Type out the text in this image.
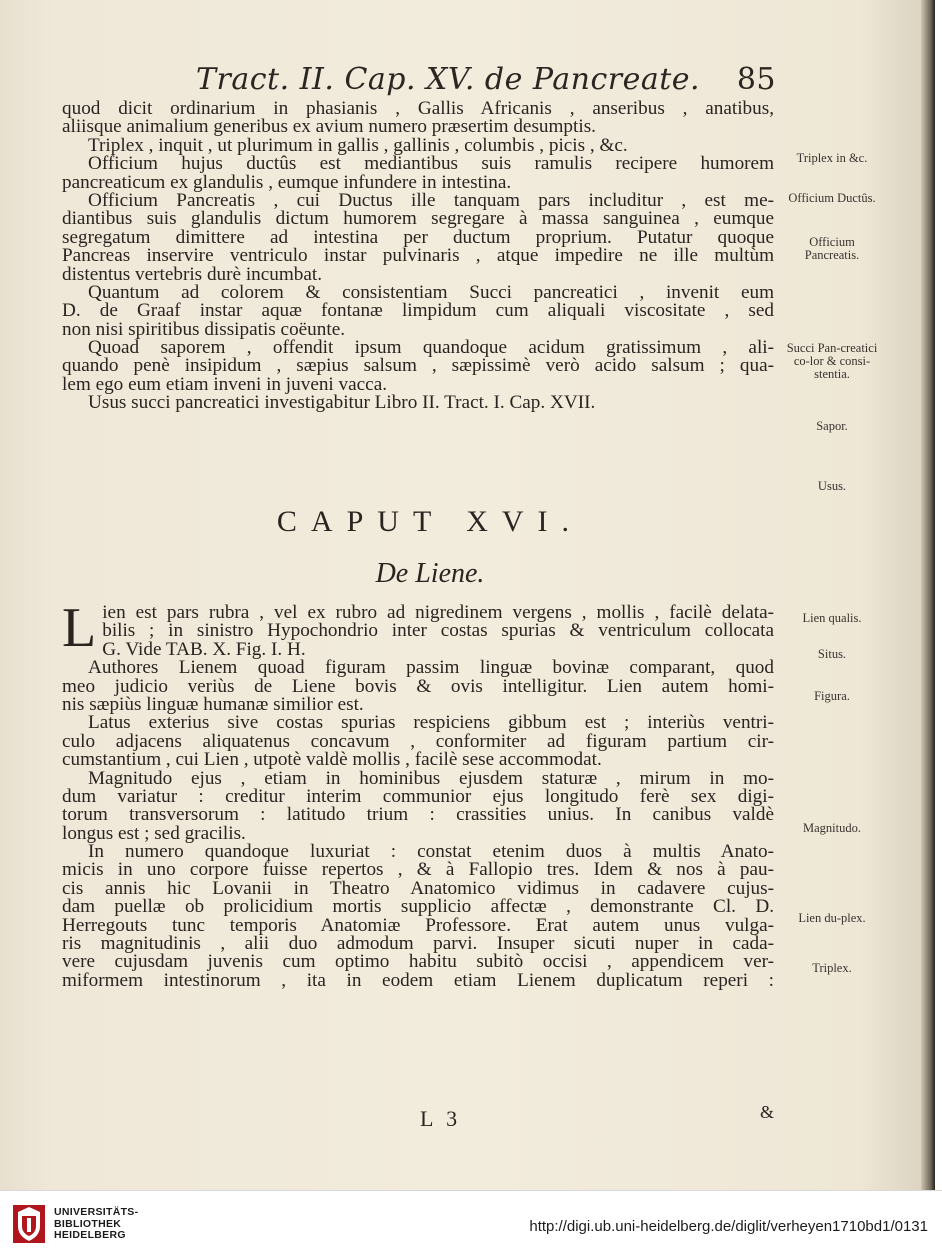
Tract. II. Cap. XV. de Pancreate. 85
quod dicit ordinarium in phasianis , Gallis Africanis , anseribus , anatibus,
aliisque animalium generibus ex avium numero præsertim desumptis.
Triplex , inquit , ut plurimum in gallis , gallinis , columbis , picis , &c.
Officium hujus ductûs est mediantibus suis ramulis recipere humorem
pancreaticum ex glandulis , eumque infundere in intestina.
Officium Pancreatis , cui Ductus ille tanquam pars includitur , est me-
diantibus suis glandulis dictum humorem segregare à massa sanguinea , eumque
segregatum dimittere ad intestina per ductum proprium. Putatur quoque
Pancreas inservire ventriculo instar pulvinaris , atque impedire ne ille multùm
distentus vertebris durè incumbat.
Quantum ad colorem & consistentiam Succi pancreatici , invenit eum
D. de Graaf instar aquæ fontanæ limpidum cum aliquali viscositate , sed
non nisi spiritibus dissipatis coëunte.
Quoad saporem , offendit ipsum quandoque acidum gratissimum , ali-
quando penè insipidum , sæpius salsum , sæpissimè verò acido salsum ; qua-
lem ego eum etiam inveni in juveni vacca.
Usus succi pancreatici investigabitur Libro II. Tract. I. Cap. XVII.
CAPUT XVI.
De Liene.
L ien est pars rubra , vel ex rubro ad nigredinem vergens , mollis , facilè delata-
bilis ; in sinistro Hypochondrio inter costas spurias & ventriculum collocata
G. Vide TAB. X. Fig. I. H.
Authores Lienem quoad figuram passim linguæ bovinæ comparant, quod
meo judicio veriùs de Liene bovis & ovis intelligitur. Lien autem homi-
nis sæpiùs linguæ humanæ similior est.
Latus exterius sive costas spurias respiciens gibbum est ; interiùs ventri-
culo adjacens aliquatenus concavum , conformiter ad figuram partium cir-
cumstantium , cui Lien , utpotè valdè mollis , facilè sese accommodat.
Magnitudo ejus , etiam in hominibus ejusdem staturæ , mirum in mo-
dum variatur : creditur interim communior ejus longitudo ferè sex digi-
torum transversorum : latitudo trium : crassities unius. In canibus valdè
longus est ; sed gracilis.
In numero quandoque luxuriat : constat etenim duos à multis Anato-
micis in uno corpore fuisse repertos , & à Fallopio tres. Idem & nos à pau-
cis annis hic Lovanii in Theatro Anatomico vidimus in cadavere cujus-
dam puellæ ob prolicidium mortis supplicio affectæ , demonstrante Cl. D.
Herregouts tunc temporis Anatomiæ Professore. Erat autem unus vulga-
ris magnitudinis , alii duo admodum parvi. Insuper sicuti nuper in cada-
vere cujusdam juvenis cum optimo habitu subitò occisi , appendicem ver-
miformem intestinorum , ita in eodem etiam Lienem duplicatum reperi :
Triplex in &c.
Officium Ductûs.
Officium Pancreatis.
Succi Pan-creatici co-lor & consi-stentia.
Sapor.
Usus.
Lien qualis.
Situs.
Figura.
Magnitudo.
Lien du-plex.
Triplex.
L 3	&
UNIVERSITÄTS-
BIBLIOTHEK
HEIDELBERG	http://digi.ub.uni-heidelberg.de/diglit/verheyen1710bd1/0131
